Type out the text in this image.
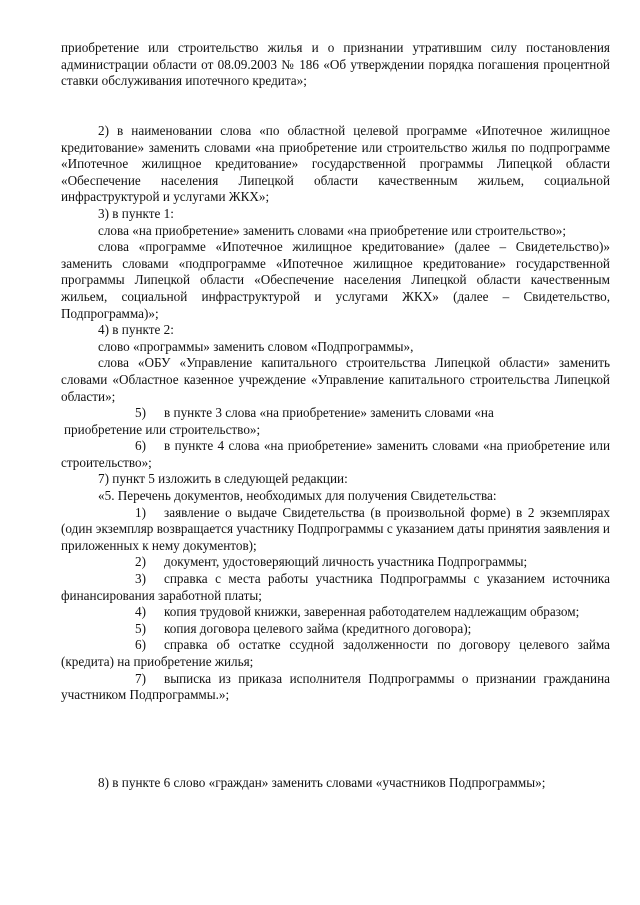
приобретение или строительство жилья и о признании утратившим силу постановления администрации области от 08.09.2003 № 186 «Об утверждении порядка погашения процентной ставки обслуживания ипотечного кредита»;

2) в наименовании слова «по областной целевой программе «Ипотечное жилищное кредитование» заменить словами «на приобретение или строительство жилья по подпрограмме «Ипотечное жилищное кредитование» государственной программы Липецкой области «Обеспечение населения Липецкой области качественным жильем, социальной инфраструктурой и услугами ЖКХ»;

3) в пункте 1:

слова «на приобретение» заменить словами «на приобретение или строительство»;

слова «программе «Ипотечное жилищное кредитование» (далее – Свидетельство)» заменить словами «подпрограмме «Ипотечное жилищное кредитование» государственной программы Липецкой области «Обеспечение населения Липецкой области качественным жильем, социальной инфраструктурой и услугами ЖКХ» (далее – Свидетельство, Подпрограмма)»;

4) в пункте 2:

слово «программы» заменить словом «Подпрограммы»,

слова «ОБУ «Управление капитального строительства Липецкой области» заменить словами «Областное казенное учреждение «Управление капитального строительства Липецкой области»;

5) в пункте 3 слова «на приобретение» заменить словами «на

приобретение или строительство»;

6) в пункте 4 слова «на приобретение» заменить словами «на приобретение или строительство»;

7) пункт 5 изложить в следующей редакции:

«5. Перечень документов, необходимых для получения Свидетельства:

1) заявление о выдаче Свидетельства (в произвольной форме) в 2 экземплярах (один экземпляр возвращается участнику Подпрограммы с указанием даты принятия заявления и приложенных к нему документов);

2) документ, удостоверяющий личность участника Подпрограммы;

3) справка с места работы участника Подпрограммы с указанием источника финансирования заработной платы;

4) копия трудовой книжки, заверенная работодателем надлежащим образом;

5) копия договора целевого займа (кредитного договора);

6) справка об остатке ссудной задолженности по договору целевого займа (кредита) на приобретение жилья;

7) выписка из приказа исполнителя Подпрограммы о признании гражданина участником Подпрограммы.»;

8) в пункте 6 слово «граждан» заменить словами «участников Подпрограммы»;
